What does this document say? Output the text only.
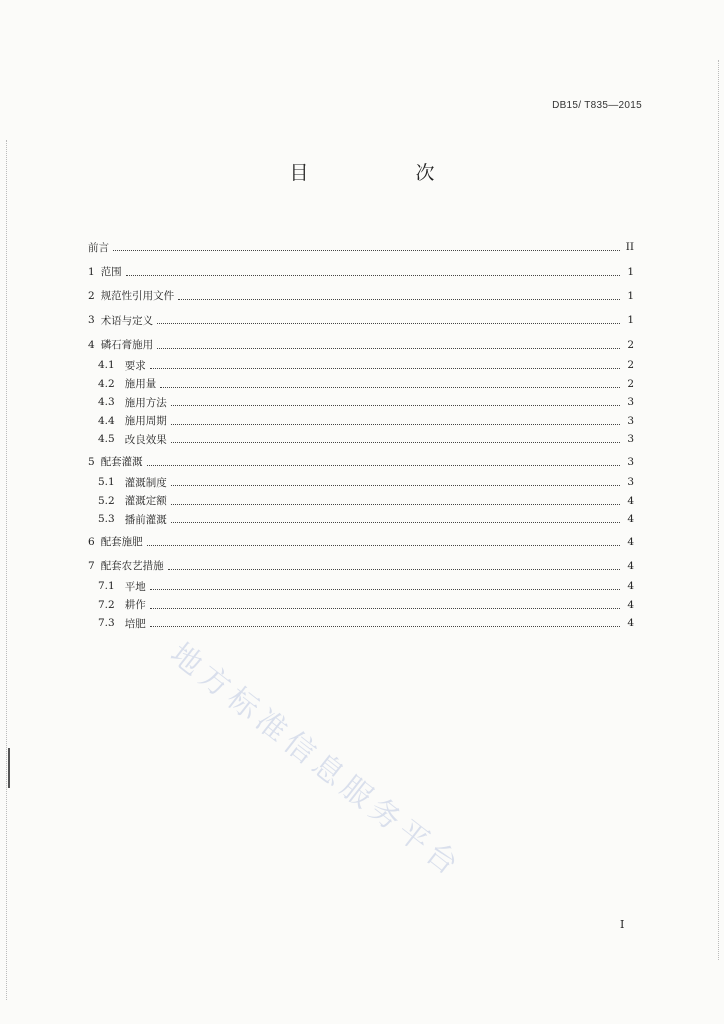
DB15/ T835—2015
目　次
前言	II
1 范围	1
2 规范性引用文件	1
3 术语与定义	1
4 磷石膏施用	2
4.1 要求	2
4.2 施用量	2
4.3 施用方法	3
4.4 施用周期	3
4.5 改良效果	3
5 配套灌溉	3
5.1 灌溉制度	3
5.2 灌溉定额	4
5.3 播前灌溉	4
6 配套施肥	4
7 配套农艺措施	4
7.1 平地	4
7.2 耕作	4
7.3 培肥	4
地方标准信息服务平台
I
